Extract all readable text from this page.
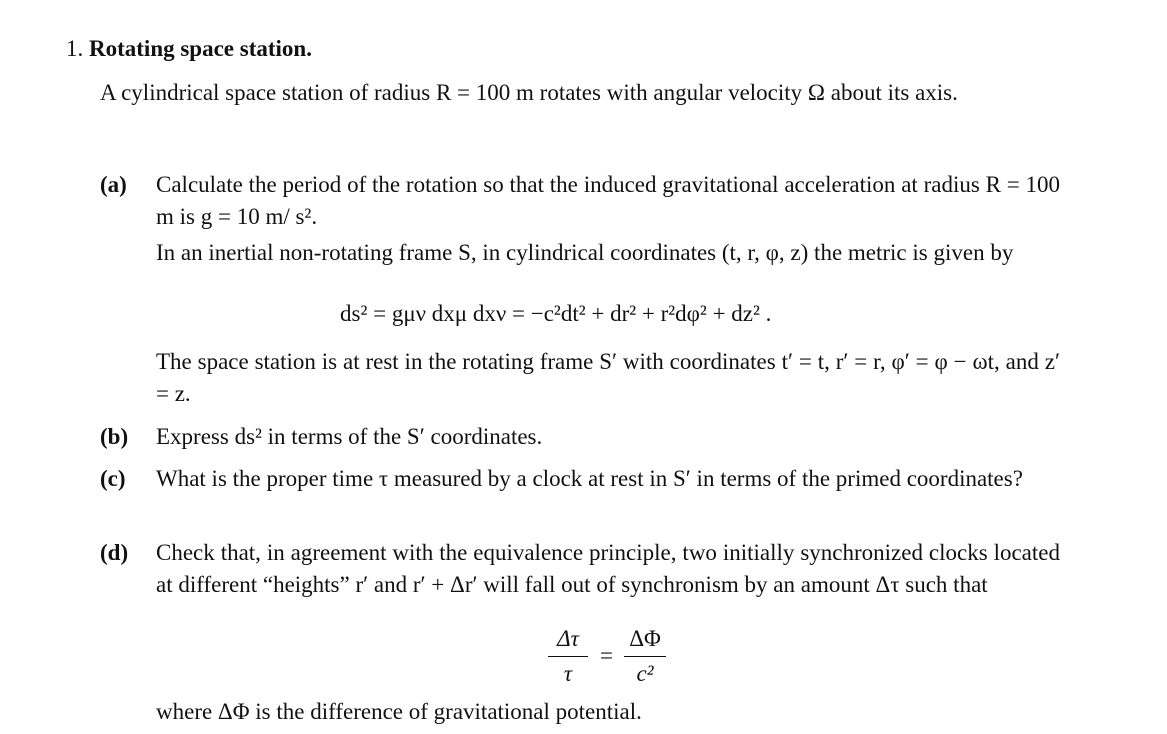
1. Rotating space station.
A cylindrical space station of radius R = 100 m rotates with angular velocity Ω about its axis.
(a) Calculate the period of the rotation so that the induced gravitational acceleration at radius R = 100 m is g = 10 m/ s².
In an inertial non-rotating frame S, in cylindrical coordinates (t, r, φ, z) the metric is given by
ds² = gμν dxμ dxν = −c²dt² + dr² + r²dφ² + dz² .
The space station is at rest in the rotating frame S′ with coordinates t′ = t, r′ = r, φ′ = φ − ωt, and z′ = z.
(b) Express ds² in terms of the S′ coordinates.
(c) What is the proper time τ measured by a clock at rest in S′ in terms of the primed coordinates?
(d) Check that, in agreement with the equivalence principle, two initially synchronized clocks located at different “heights” r′ and r′ + Δr′ will fall out of synchronism by an amount Δτ such that
$\frac{\Delta\tau}{\tau} = \frac{\Delta\Phi}{\text{c²}}$
where ΔΦ is the difference of gravitational potential.
